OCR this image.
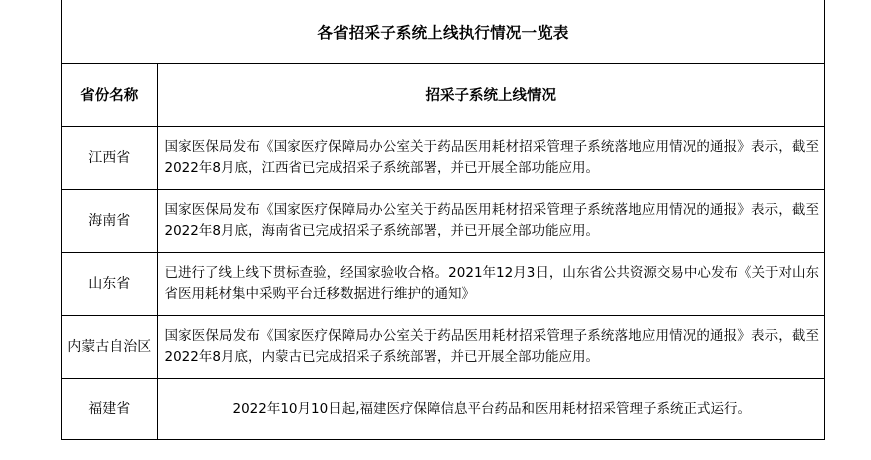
各省招采子系统上线执行情况一览表
省份名称	招采子系统上线情况
江西省	国家医保局发布《国家医疗保障局办公室关于药品医用耗材招采管理子系统落地应用情况的通报》表示，截至2022年8月底，江西省已完成招采子系统部署，并已开展全部功能应用。
海南省	国家医保局发布《国家医疗保障局办公室关于药品医用耗材招采管理子系统落地应用情况的通报》表示，截至2022年8月底，海南省已完成招采子系统部署，并已开展全部功能应用。
山东省	已进行了线上线下贯标查验，经国家验收合格。2021年12月3日，山东省公共资源交易中心发布《关于对山东省医用耗材集中采购平台迁移数据进行维护的通知》
内蒙古自治区	国家医保局发布《国家医疗保障局办公室关于药品医用耗材招采管理子系统落地应用情况的通报》表示，截至2022年8月底，内蒙古已完成招采子系统部署，并已开展全部功能应用。
福建省	2022年10月10日起,福建医疗保障信息平台药品和医用耗材招采管理子系统正式运行。
